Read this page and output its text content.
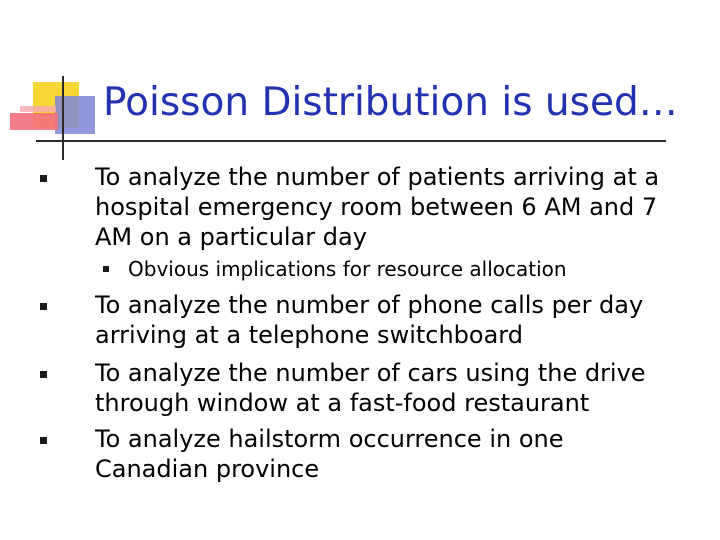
Poisson Distribution is used…
To analyze the number of patients arriving at a
hospital emergency room between 6 AM and 7
AM on a particular day
Obvious implications for resource allocation
To analyze the number of phone calls per day
arriving at a telephone switchboard
To analyze the number of cars using the drive
through window at a fast-food restaurant
To analyze hailstorm occurrence in one
Canadian province
